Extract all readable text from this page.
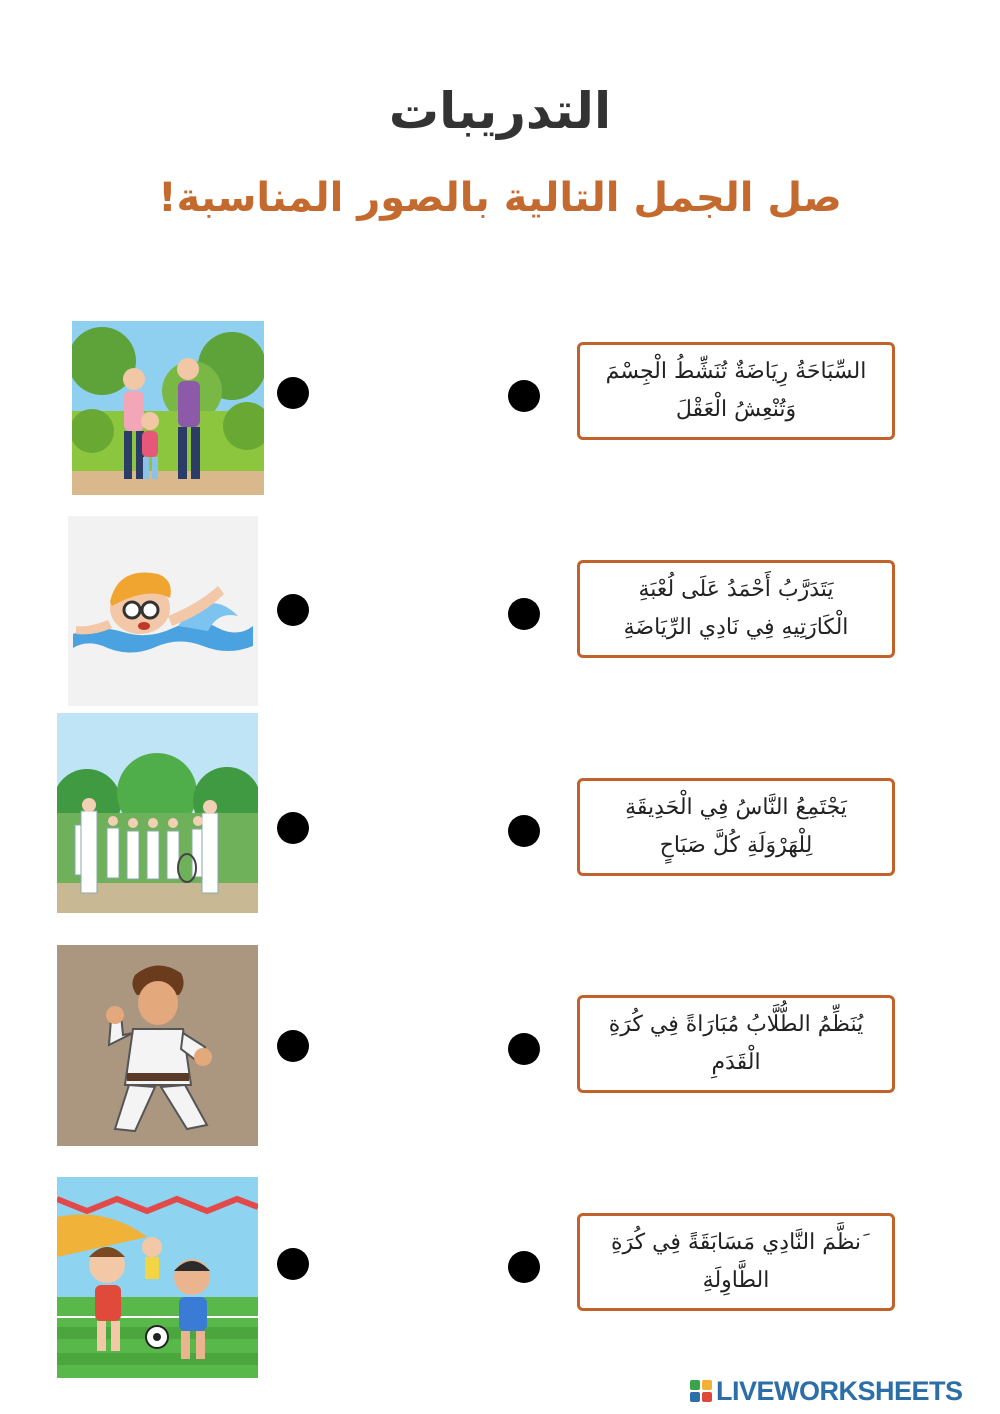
التدريبات
صل الجمل التالية بالصور المناسبة!
السِّبَاحَةُ رِيَاضَةٌ تُنَشِّطُ الْجِسْمَ وَتُنْعِشُ الْعَقْلَ
يَتَدَرَّبُ أَحْمَدُ عَلَى لُعْبَةِ الْكَارَتِيهِ فِي نَادِي الرِّيَاضَةِ
يَجْتَمِعُ النَّاسُ فِي الْحَدِيقَةِ لِلْهَرْوَلَةِ كُلَّ صَبَاحٍ
يُنَظِّمُ الطُّلَّابُ مُبَارَاةً فِي كُرَةِ الْقَدَمِ
َنظَّمَ النَّادِي مَسَابَقَةً فِي كُرَةِ الطَّاوِلَةِ
LIVEWORKSHEETS
